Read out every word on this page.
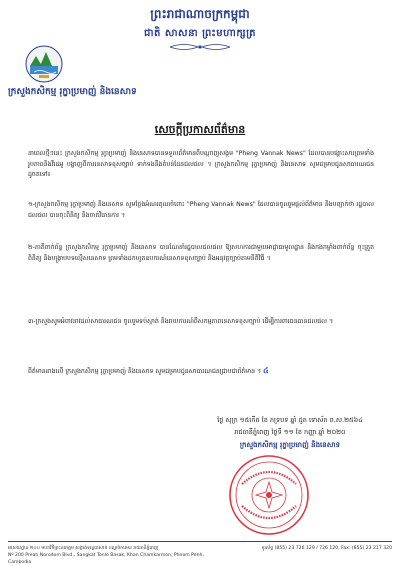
ព្រះរាជាណាចក្រកម្ពុជា
ជាតិ សាសនា ព្រះមហាក្សត្រ
ក្រសួងកសិកម្ម រុក្ខាប្រមាញ់ និងនេសាទ
សេចក្តីប្រកាសព័ត៌មាន
នាពេលថ្មីៗនេះ ក្រសួងកសិកម្ម រុក្ខាប្រមាញ់ និងនេសាទបានទទួលព័ត៌មានពីបណ្តាញសង្គម "Pheng Vannak News" ដែលបានបង្ហោះសារព្រមទាំងរូបភាពនិងវីដេអូ បង្ហាញពីការនេសាទខុសច្បាប់ ទាក់ទងនឹងតំបន់ដែនជលផល ។ ក្រសួងកសិកម្ម រុក្ខាប្រមាញ់ និងនេសាទ សូមជម្រាបជូនសាធារណជនដូចតទៅ៖
១-ក្រសួងកសិកម្ម រុក្ខាប្រមាញ់ និងនេសាទ សូមថ្លែងអំណរគុណចំពោះ "Pheng Vannak News" ដែលបានចូលរួមផ្តល់ព័ត៌មាន និងបញ្ជាក់ថា រដ្ឋបាលជលផល បានចុះពិនិត្យ និងចាត់វិធានការ ។
២-ភាគីពាក់ព័ន្ធ ក្រសួងកសិកម្ម រុក្ខាប្រមាញ់ និងនេសាទ បានណែនាំរដ្ឋបាលជលផល ឱ្យសហការជាមួយអាជ្ញាធរមូលដ្ឋាន និងកងកម្លាំងពាក់ព័ន្ធ ចុះត្រួតពិនិត្យ និងបង្ក្រាបបទល្មើសនេសាទ ព្រមទាំងដកហូតឧបករណ៍នេសាទខុសច្បាប់ និងអនុវត្តច្បាប់តាមនីតិវិធី ។
៣-ក្រសួងសូមអំពាវនាវដល់សាធារណជន ចូលរួមទប់ស្កាត់ និងរាយការណ៍ពីសកម្មភាពនេសាទខុសច្បាប់ ដើម្បីការពារធនធានជលផល ។
ពីត៌មានខាងលើ ក្រសួងកសិកម្ម រុក្ខាប្រមាញ់ និងនេសាទ សូមជម្រាបជូនសាធារណជនជ្រាបជាព័ត៌មាន ។ ៤
ថ្ងៃ សុក្រ ១៥កើត ខែ ភទ្របទ ឆ្នាំ ជូត ទោស័ក ព.ស.២៥៦៤
រាជធានីភ្នំពេញ ថ្ងៃទី ១១ ខែ កញ្ញា ឆ្នាំ ២០២០
ក្រសួងកសិកម្ម រុក្ខាប្រមាញ់ និងនេសាទ
អាសយដ្ឋាន ២០០ មហាវិថីព្រះនរោត្តម សង្កាត់ទន្លេបាសាក់ ខណ្ឌចំការមន រាជធានីភ្នំពេញ
Nº 200 Preah Norodom Blvd., Sangkat Tonle Basak, Khan Chamkarmon, Phnom Penh, Cambodia
ទូរស័ព្ទ (855) 23 726 129 / 726 120, Fax: (855) 23 217 320
